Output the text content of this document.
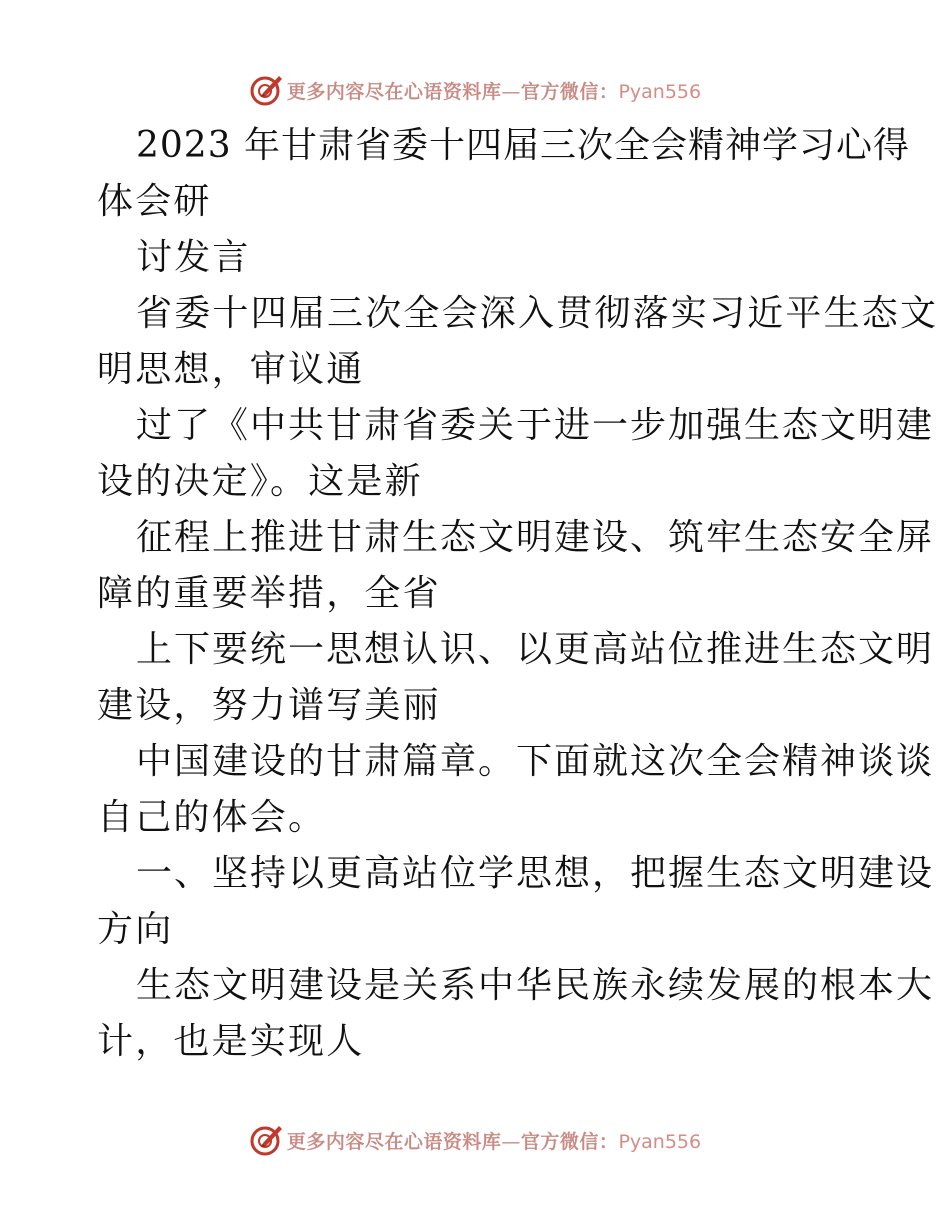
更多内容尽在心语资料库—官方微信：Pyan556
2023 年甘肃省委十四届三次全会精神学习心得
体会研
讨发言
省委十四届三次全会深入贯彻落实习近平生态文
明思想，审议通
过了《中共甘肃省委关于进一步加强生态文明建
设的决定》。这是新
征程上推进甘肃生态文明建设、筑牢生态安全屏
障的重要举措，全省
上下要统一思想认识、以更高站位推进生态文明
建设，努力谱写美丽
中国建设的甘肃篇章。下面就这次全会精神谈谈
自己的体会。
一、坚持以更高站位学思想，把握生态文明建设
方向
生态文明建设是关系中华民族永续发展的根本大
计，也是实现人
更多内容尽在心语资料库—官方微信：Pyan556
